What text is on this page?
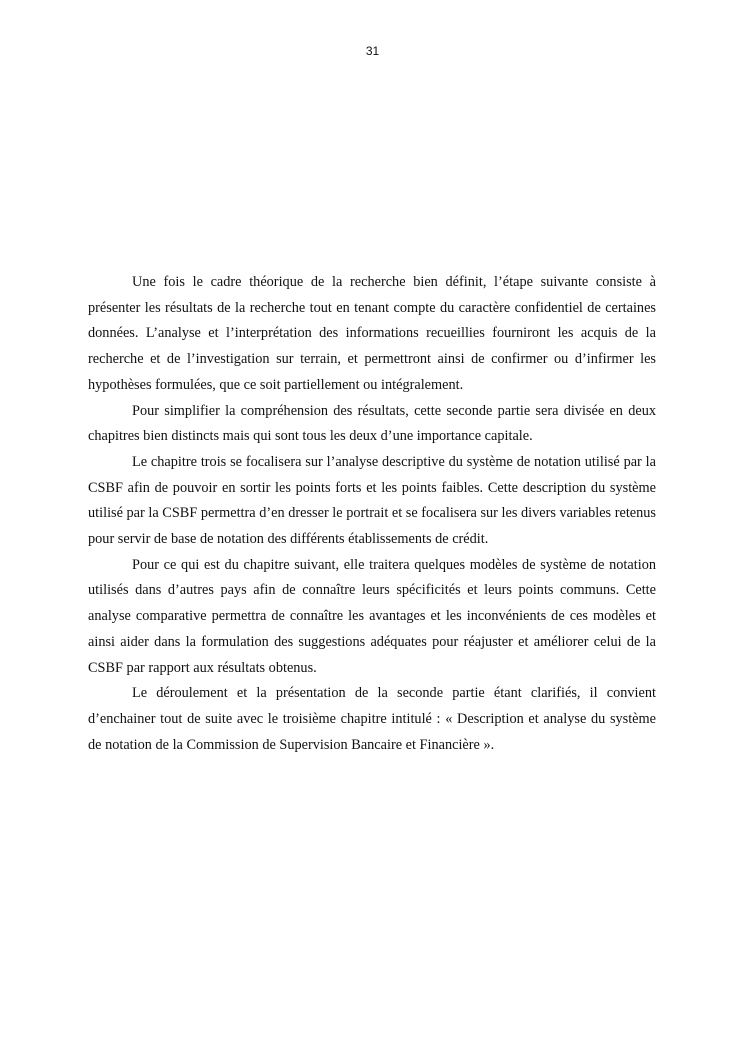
31

Une fois le cadre théorique de la recherche bien définit, l’étape suivante consiste à présenter les résultats de la recherche tout en tenant compte du caractère confidentiel de certaines données. L’analyse et l’interprétation des informations recueillies fourniront les acquis de la recherche et de l’investigation sur terrain, et permettront ainsi de confirmer ou d’infirmer les hypothèses formulées, que ce soit partiellement ou intégralement.

Pour simplifier la compréhension des résultats, cette seconde partie sera divisée en deux chapitres bien distincts mais qui sont tous les deux d’une importance capitale.

Le chapitre trois se focalisera sur l’analyse descriptive du système de notation utilisé par la CSBF afin de pouvoir en sortir les points forts et les points faibles. Cette description du système utilisé par la CSBF permettra d’en dresser le portrait et se focalisera sur les divers variables retenus pour servir de base de notation des différents établissements de crédit.

Pour ce qui est du chapitre suivant, elle traitera quelques modèles de système de notation utilisés dans d’autres pays afin de connaître leurs spécificités et leurs points communs. Cette analyse comparative permettra de connaître les avantages et les inconvénients de ces modèles et ainsi aider dans la formulation des suggestions adéquates pour réajuster et améliorer celui de la CSBF par rapport aux résultats obtenus.

Le déroulement et la présentation de la seconde partie étant clarifiés, il convient d’enchainer tout de suite avec le troisième chapitre intitulé : « Description et analyse du système de notation de la Commission de Supervision Bancaire et Financière ».
